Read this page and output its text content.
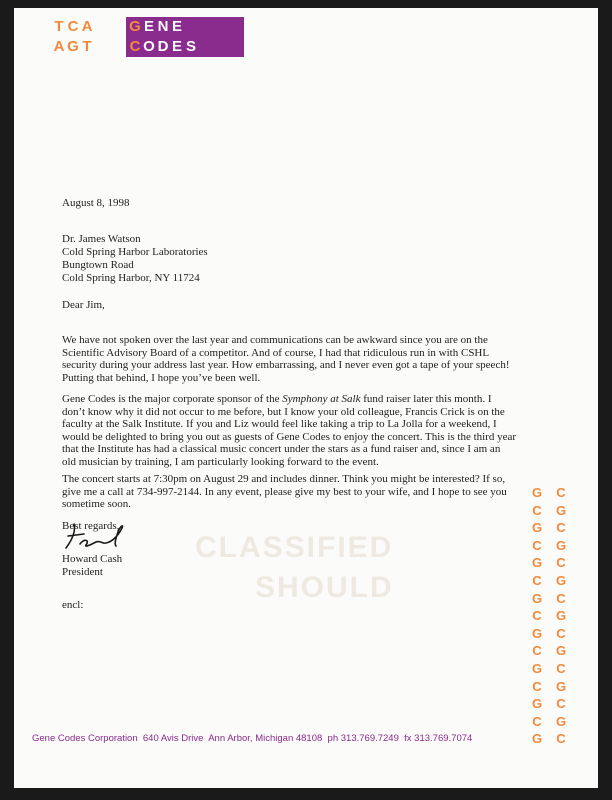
T C A G E N E
A G T	C O D E S
CLASSIFIED
SHOULD
August 8, 1998

Dr. James Watson

Cold Spring Harbor Laboratories

Bungtown Road

Cold Spring Harbor, NY 11724

Dear Jim,
We have not spoken over the last year and communications can be awkward since you are on the Scientific Advisory Board of a competitor. And of course, I had that ridiculous run in with CSHL security during your address last year. How embarrassing, and I never even got a tape of your speech! Putting that behind, I hope you’ve been well.
Gene Codes is the major corporate sponsor of the Symphony at Salk fund raiser later this month. I don’t know why it did not occur to me before, but I know your old colleague, Francis Crick is on the faculty at the Salk Institute. If you and Liz would feel like taking a trip to La Jolla for a weekend, I would be delighted to bring you out as guests of Gene Codes to enjoy the concert. This is the third year that the Institute has had a classical music concert under the stars as a fund raiser and, since I am an old musician by training, I am particularly looking forward to the event.
The concert starts at 7:30pm on August 29 and includes dinner. Think you might be interested? If so, give me a call at 734-997-2144. In any event, please give my best to your wife, and I hope to see you sometime soon.
Best regards,

Howard Cash

President

encl:
G
C
G
C
G
C
G
C
G
C
G
C
G
C
G
C
G
C
G
C
G
C
G
C
G
C
G
C
G
C
Gene Codes Corporation  640 Avis Drive  Ann Arbor, Michigan 48108  ph 313.769.7249  fx 313.769.7074
